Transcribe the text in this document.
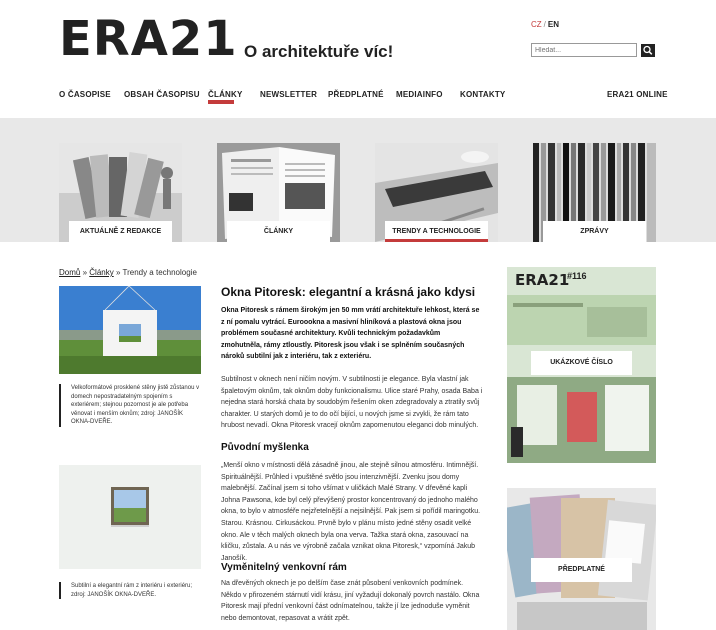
ERA21 O architektuře víc!
CZ / EN
Hledat...
O ČASOPISE OBSAH ČASOPISU ČLÁNKY NEWSLETTER PŘEDPLATNÉ MEDIAINFO KONTAKTY	ERA21 ONLINE
AKTUÁLNĚ Z REDAKCE	ČLÁNKY	TRENDY A TECHNOLOGIE	ZPRÁVY
Domů » Články » Trendy a technologie
Velkoformátové prosklené stěny jistě zůstanou v domech nepostradatelným spojením s exteriérem; stejnou pozornost je ale potřeba věnovat i menším oknům; zdroj: JANOŠÍK OKNA-DVEŘE.
Subtilní a elegantní rám z interiéru i exteriéru; zdroj: JANOŠÍK OKNA-DVEŘE.
Okna Pitoresk: elegantní a krásná jako kdysi
Okna Pitoresk s rámem širokým jen 50 mm vrátí architektuře lehkost, která se z ní pomalu vytrácí. Euroookna a masivní hliníková a plastová okna jsou problémem současné architektury. Kvůli technickým požadavkům zmohutněla, rámy ztloustly. Pitoresk jsou však i se splněním současných nároků subtilní jak z interiéru, tak z exteriéru.
Subtilnost v oknech není ničím novým. V subtilnosti je elegance. Byla vlastní jak špaletovým oknům, tak oknům doby funkcionalismu. Ulice staré Prahy, osada Baba i nejedna stará horská chata by soudobým řešením oken zdegradovaly a ztratily svůj charakter. U starých domů je to do očí bijící, u nových jsme si zvykli, že rám tato hrubost nevadí. Okna Pitoresk vracejí oknům zapomenutou eleganci dob minulých.
Původní myšlenka
„Menší okno v místnosti dělá zásadně jinou, ale stejně silnou atmosféru. Intimnější. Spirituálnější. Průhled i vpuštěné světlo jsou intenzivnější. Zvenku jsou domy malebnější. Začínal jsem si toho všímat v uličkách Malé Strany. V dřevěné kapli Johna Pawsona, kde byl celý převýšený prostor koncentrovaný do jednoho malého okna, to bylo v atmosféře nejzřetelnější a nejsilnější. Pak jsem si pořídil maringotku. Starou. Krásnou. Cirkusáckou. Prvně bylo v plánu místo jedné stěny osadit velké okno. Ale v těch malých oknech byla ona verva. Tažka stará okna, zasouvací na kličku, zůstala. A u nás ve výrobně začala vznikat okna Pitoresk,“ vzpomíná Jakub Janošík.
Vyměnitelný venkovní rám
Na dřevěných oknech je po delším čase znát působení venkovních podmínek. Někdo v přirozeném stárnutí vidí krásu, jiní vyžadují dokonalý povrch nastálo. Okna Pitoresk mají přední venkovní část odnímatelnou, takže jí lze jednoduše vyměnit nebo demontovat, repasovat a vrátit zpět.
ERA21
#116
UKÁZKOVÉ ČÍSLO
PŘEDPLATNÉ
